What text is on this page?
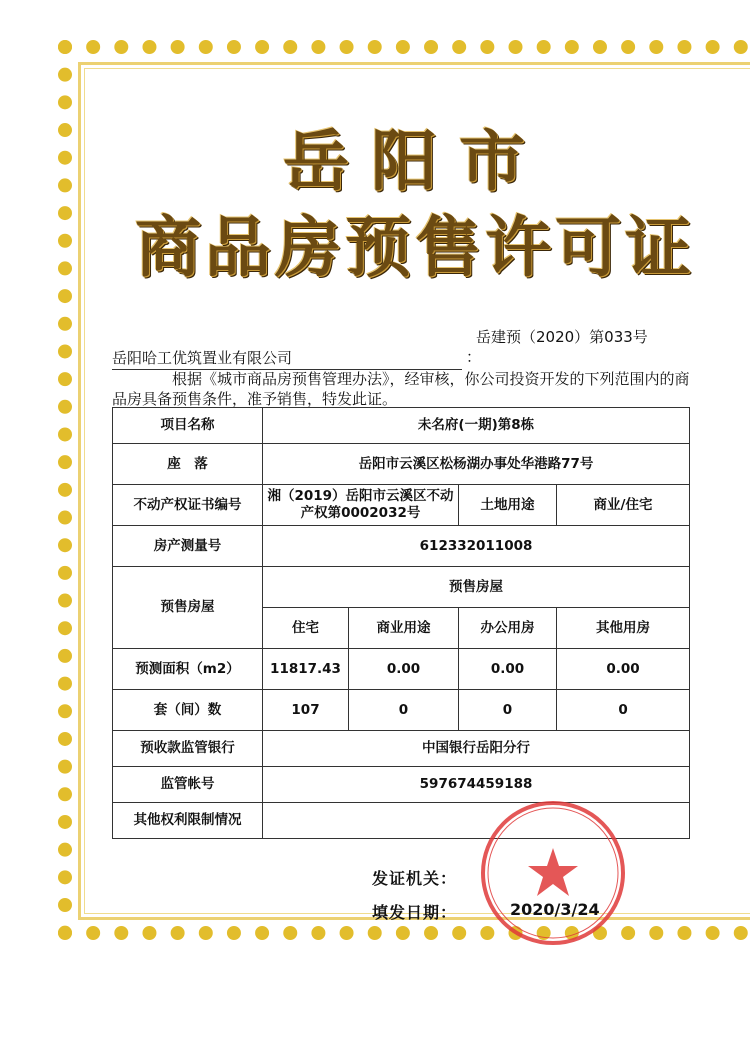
岳阳市
商品房预售许可证
岳建预（2020）第033号
岳阳哈工优筑置业有限公司	：
根据《城市商品房预售管理办法》，经审核，你公司投资开发的下列范围内的商品房具备预售条件，准予销售，特发此证。
项目名称	未名府(一期)第8栋			
座　落	岳阳市云溪区松杨湖办事处华港路77号			
不动产权证书编号	湘（2019）岳阳市云溪区不动产权第0002032号		土地用途	商业/住宅
房产测量号	612332011008			
预售房屋	预售房屋			
	住宅	商业用途	办公用房	其他用房
预测面积（m2）	11817.43	0.00	0.00	0.00
套（间）数	107	0	0	0
预收款监管银行	中国银行岳阳分行			
监管帐号	597674459188			
其他权利限制情况				
发证机关：
填发日期：	2020/3/24
